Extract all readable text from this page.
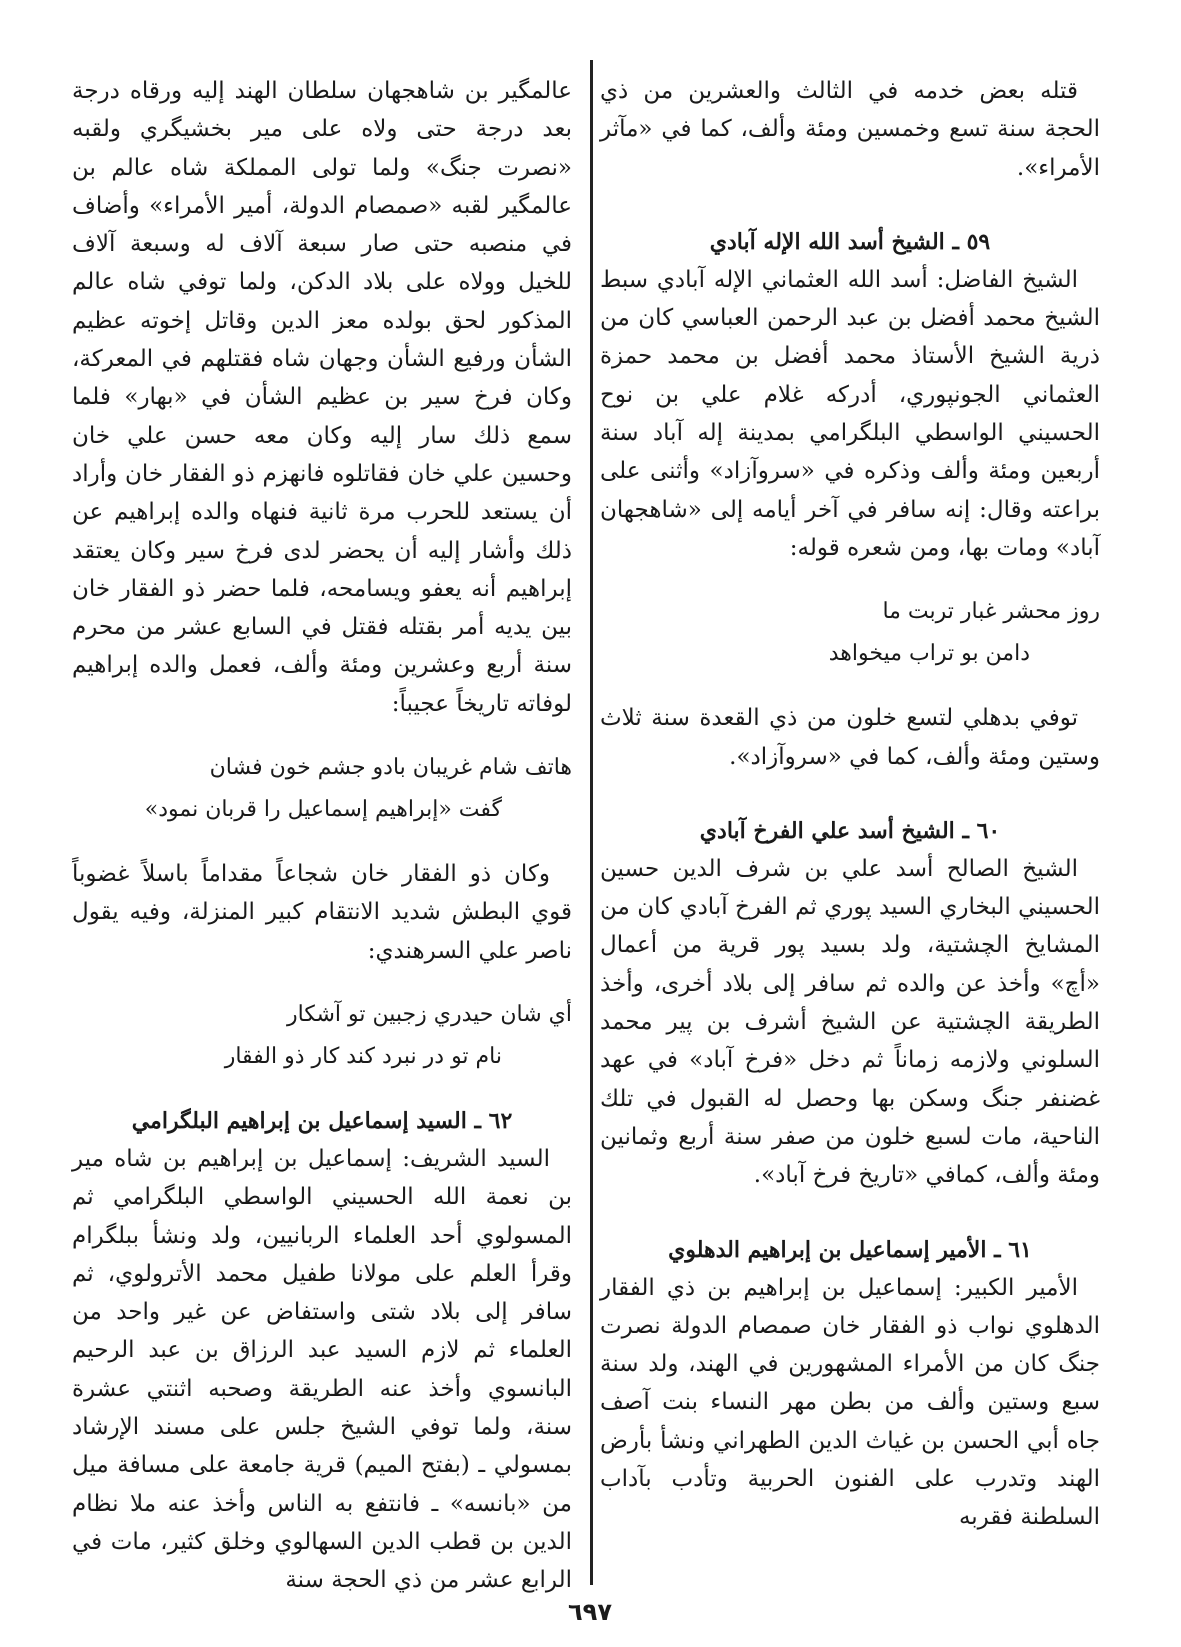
قتله بعض خدمه في الثالث والعشرين من ذي الحجة سنة تسع وخمسين ومئة وألف، كما في «مآثر الأمراء».

٥٩ ـ الشيخ أسد الله الإله آبادي

الشيخ الفاضل: أسد الله العثماني الإله آبادي سبط الشيخ محمد أفضل بن عبد الرحمن العباسي كان من ذرية الشيخ الأستاذ محمد أفضل بن محمد حمزة العثماني الجونپوري، أدركه غلام علي بن نوح الحسيني الواسطي البلگرامي بمدينة إله آباد سنة أربعين ومئة وألف وذكره في «سروآزاد» وأثنى على براعته وقال: إنه سافر في آخر أيامه إلى «شاهجهان آباد» ومات بها، ومن شعره قوله:

روز محشر غبار تربت ما
دامن بو تراب ميخواهد

توفي بدهلي لتسع خلون من ذي القعدة سنة ثلاث وستين ومئة وألف، كما في «سروآزاد».

٦٠ ـ الشيخ أسد علي الفرخ آبادي

الشيخ الصالح أسد علي بن شرف الدين حسين الحسيني البخاري السيد پوري ثم الفرخ آبادي كان من المشايخ الچشتية، ولد بسيد پور قرية من أعمال «أچ» وأخذ عن والده ثم سافر إلى بلاد أخرى، وأخذ الطريقة الچشتية عن الشيخ أشرف بن پير محمد السلوني ولازمه زماناً ثم دخل «فرخ آباد» في عهد غضنفر جنگ وسكن بها وحصل له القبول في تلك الناحية، مات لسبع خلون من صفر سنة أربع وثمانين ومئة وألف، كمافي «تاريخ فرخ آباد».

٦١ ـ الأمير إسماعيل بن إبراهيم الدهلوي

الأمير الكبير: إسماعيل بن إبراهيم بن ذي الفقار الدهلوي نواب ذو الفقار خان صمصام الدولة نصرت جنگ كان من الأمراء المشهورين في الهند، ولد سنة سبع وستين وألف من بطن مهر النساء بنت آصف جاه أبي الحسن بن غياث الدين الطهراني ونشأ بأرض الهند وتدرب على الفنون الحربية وتأدب بآداب السلطنة فقربه

عالمگير بن شاهجهان سلطان الهند إليه ورقاه درجة بعد درجة حتى ولاه على مير بخشيگري ولقبه «نصرت جنگ» ولما تولى المملكة شاه عالم بن عالمگير لقبه «صمصام الدولة، أمير الأمراء» وأضاف في منصبه حتى صار سبعة آلاف له وسبعة آلاف للخيل وولاه على بلاد الدكن، ولما توفي شاه عالم المذكور لحق بولده معز الدين وقاتل إخوته عظيم الشأن ورفيع الشأن وجهان شاه فقتلهم في المعركة، وكان فرخ سير بن عظيم الشأن في «بهار» فلما سمع ذلك سار إليه وكان معه حسن علي خان وحسين علي خان فقاتلوه فانهزم ذو الفقار خان وأراد أن يستعد للحرب مرة ثانية فنهاه والده إبراهيم عن ذلك وأشار إليه أن يحضر لدى فرخ سير وكان يعتقد إبراهيم أنه يعفو ويسامحه، فلما حضر ذو الفقار خان بين يديه أمر بقتله فقتل في السابع عشر من محرم سنة أربع وعشرين ومئة وألف، فعمل والده إبراهيم لوفاته تاريخاً عجيباً:

هاتف شام غريبان بادو جشم خون فشان
گفت «إبراهيم إسماعيل را قربان نمود»

وكان ذو الفقار خان شجاعاً مقداماً باسلاً غضوباً قوي البطش شديد الانتقام كبير المنزلة، وفيه يقول ناصر علي السرهندي:

أي شان حيدري زجبين تو آشكار
نام تو در نبرد كند كار ذو الفقار
٦٢ ـ السيد إسماعيل بن إبراهيم البلگرامي

السيد الشريف: إسماعيل بن إبراهيم بن شاه مير بن نعمة الله الحسيني الواسطي البلگرامي ثم المسولوي أحد العلماء الربانيين، ولد ونشأ ببلگرام وقرأ العلم على مولانا طفيل محمد الأترولوي، ثم سافر إلى بلاد شتى واستفاض عن غير واحد من العلماء ثم لازم السيد عبد الرزاق بن عبد الرحيم البانسوي وأخذ عنه الطريقة وصحبه اثنتي عشرة سنة، ولما توفي الشيخ جلس على مسند الإرشاد بمسولي ـ (بفتح الميم) قرية جامعة على مسافة ميل من «بانسه» ـ فانتفع به الناس وأخذ عنه ملا نظام الدين بن قطب الدين السهالوي وخلق كثير، مات في الرابع عشر من ذي الحجة سنة

٦٩٧
